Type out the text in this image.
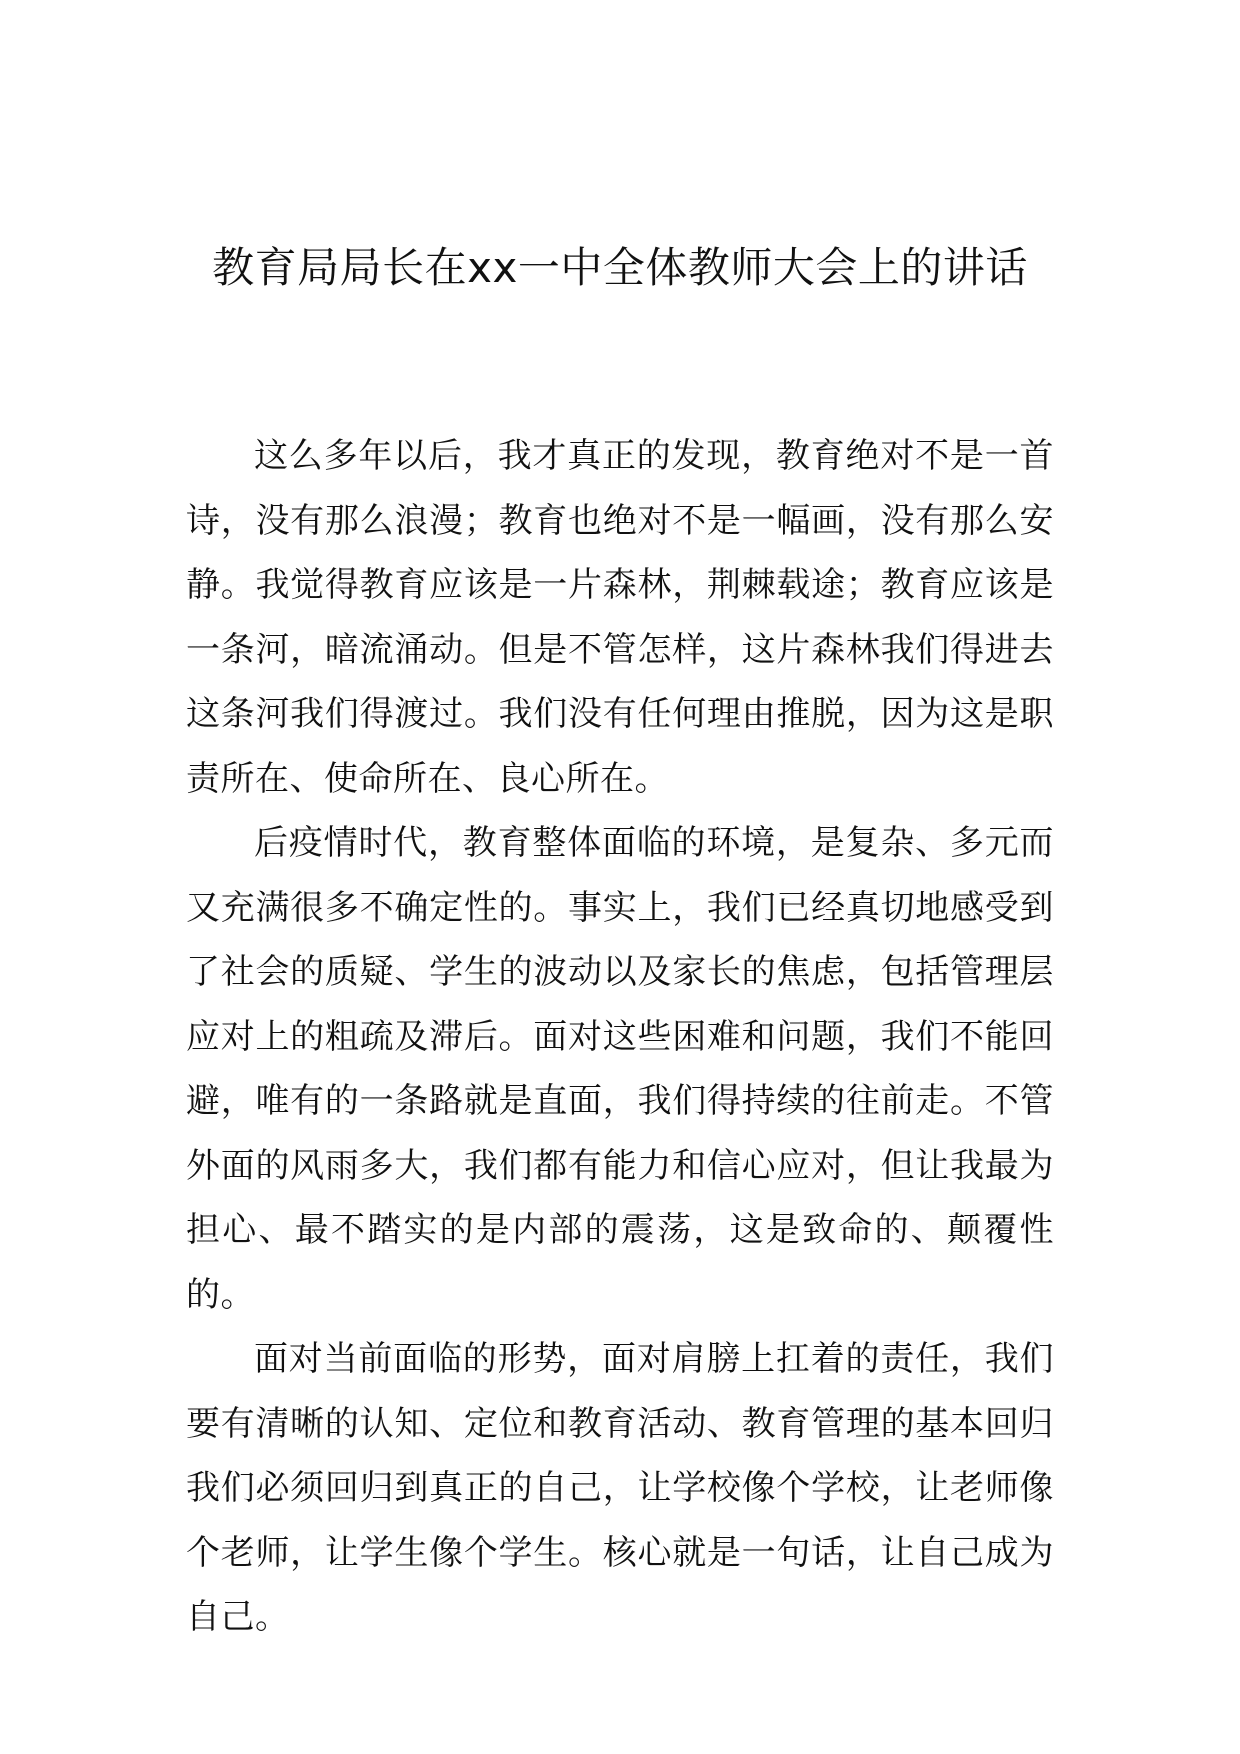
教育局局长在xx一中全体教师大会上的讲话

这么多年以后，我才真正的发现，教育绝对不是一首诗，没有那么浪漫；教育也绝对不是一幅画，没有那么安静。我觉得教育应该是一片森林，荆棘载途；教育应该是一条河，暗流涌动。但是不管怎样，这片森林我们得进去这条河我们得渡过。我们没有任何理由推脱，因为这是职责所在、使命所在、良心所在。

后疫情时代，教育整体面临的环境，是复杂、多元而又充满很多不确定性的。事实上，我们已经真切地感受到了社会的质疑、学生的波动以及家长的焦虑，包括管理层应对上的粗疏及滞后。面对这些困难和问题，我们不能回避，唯有的一条路就是直面，我们得持续的往前走。不管外面的风雨多大，我们都有能力和信心应对，但让我最为担心、最不踏实的是内部的震荡，这是致命的、颠覆性的。

面对当前面临的形势，面对肩膀上扛着的责任，我们要有清晰的认知、定位和教育活动、教育管理的基本回归我们必须回归到真正的自己，让学校像个学校，让老师像个老师，让学生像个学生。核心就是一句话，让自己成为自己。
